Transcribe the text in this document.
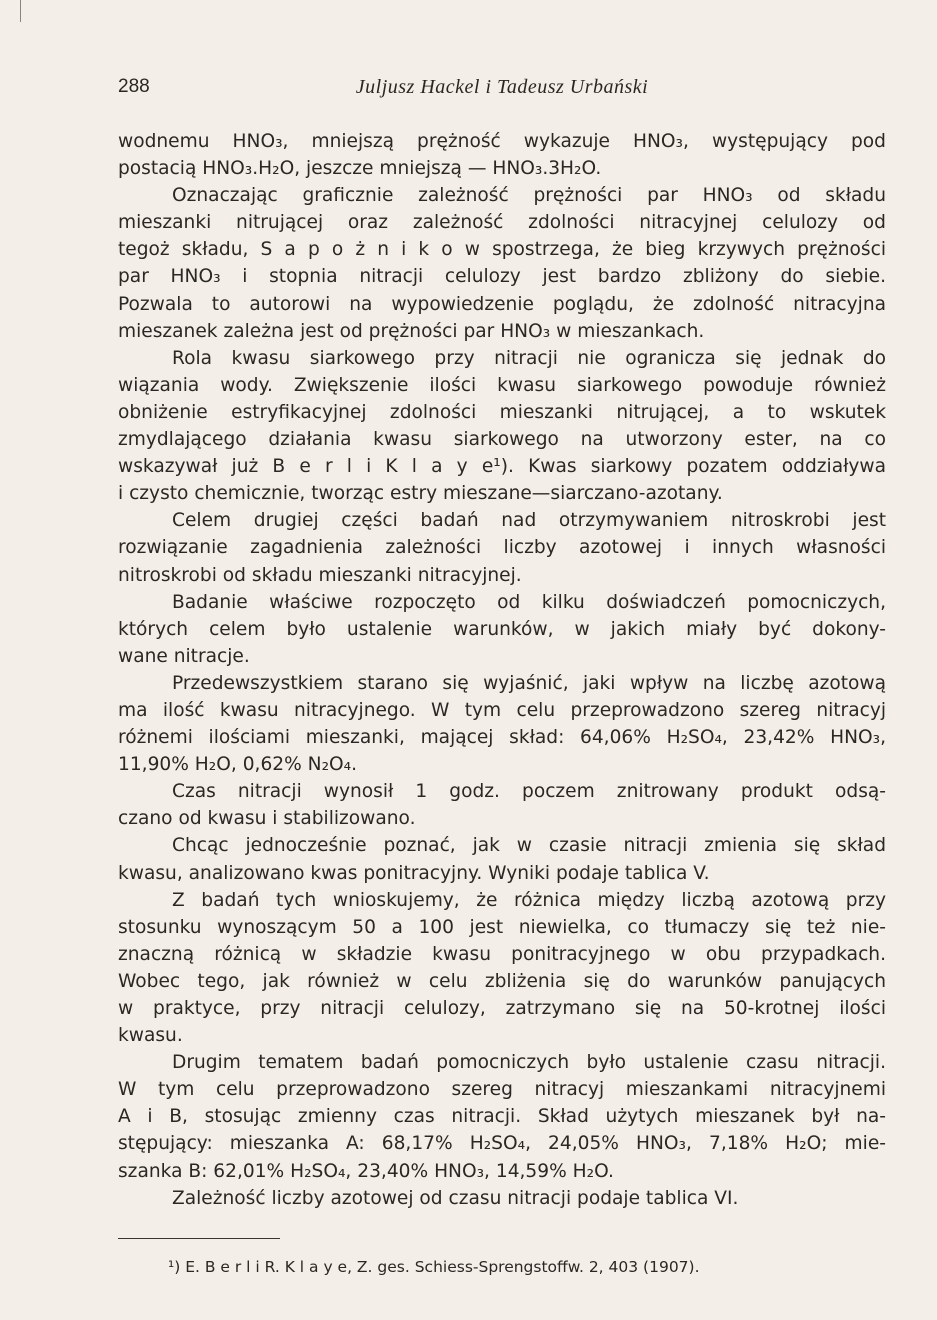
288	Juljusz Hackel i Tadeusz Urbański
wodnemu HNO₃, mniejszą prężność wykazuje HNO₃, występujący pod
postacią HNO₃.H₂O, jeszcze mniejszą — HNO₃.3H₂O.
Oznaczając graficznie zależność prężności par HNO₃ od składu
mieszanki nitrującej oraz zależność zdolności nitracyjnej celulozy od
tegoż składu, S a p o ż n i k o w spostrzega, że bieg krzywych prężności
par HNO₃ i stopnia nitracji celulozy jest bardzo zbliżony do siebie.
Pozwala to autorowi na wypowiedzenie poglądu, że zdolność nitracyjna
mieszanek zależna jest od prężności par HNO₃ w mieszankach.
Rola kwasu siarkowego przy nitracji nie ogranicza się jednak do
wiązania wody. Zwiększenie ilości kwasu siarkowego powoduje również
obniżenie estryfikacyjnej zdolności mieszanki nitrującej, a to wskutek
zmydlającego działania kwasu siarkowego na utworzony ester, na co
wskazywał już B e r l i K l a y e¹). Kwas siarkowy pozatem oddziaływa
i czysto chemicznie, tworząc estry mieszane—siarczano-azotany.
Celem drugiej części badań nad otrzymywaniem nitroskrobi jest
rozwiązanie zagadnienia zależności liczby azotowej i innych własności
nitroskrobi od składu mieszanki nitracyjnej.
Badanie właściwe rozpoczęto od kilku doświadczeń pomocniczych,
których celem było ustalenie warunków, w jakich miały być dokony-
wane nitracje.
Przedewszystkiem starano się wyjaśnić, jaki wpływ na liczbę azotową
ma ilość kwasu nitracyjnego. W tym celu przeprowadzono szereg nitracyj
różnemi ilościami mieszanki, mającej skład: 64,06% H₂SO₄, 23,42% HNO₃,
11,90% H₂O, 0,62% N₂O₄.
Czas nitracji wynosił 1 godz. poczem znitrowany produkt odsą-
czano od kwasu i stabilizowano.
Chcąc jednocześnie poznać, jak w czasie nitracji zmienia się skład
kwasu, analizowano kwas ponitracyjny. Wyniki podaje tablica V.
Z badań tych wnioskujemy, że różnica między liczbą azotową przy
stosunku wynoszącym 50 a 100 jest niewielka, co tłumaczy się też nie-
znaczną różnicą w składzie kwasu ponitracyjnego w obu przypadkach.
Wobec tego, jak również w celu zbliżenia się do warunków panujących
w praktyce, przy nitracji celulozy, zatrzymano się na 50-krotnej ilości
kwasu.
Drugim tematem badań pomocniczych było ustalenie czasu nitracji.
W tym celu przeprowadzono szereg nitracyj mieszankami nitracyjnemi
A i B, stosując zmienny czas nitracji. Skład użytych mieszanek był na-
stępujący: mieszanka A: 68,17% H₂SO₄, 24,05% HNO₃, 7,18% H₂O; mie-
szanka B: 62,01% H₂SO₄, 23,40% HNO₃, 14,59% H₂O.
Zależność liczby azotowej od czasu nitracji podaje tablica VI.
¹) E. B e r l i R. K l a y e, Z. ges. Schiess-Sprengstoffw. 2, 403 (1907).
